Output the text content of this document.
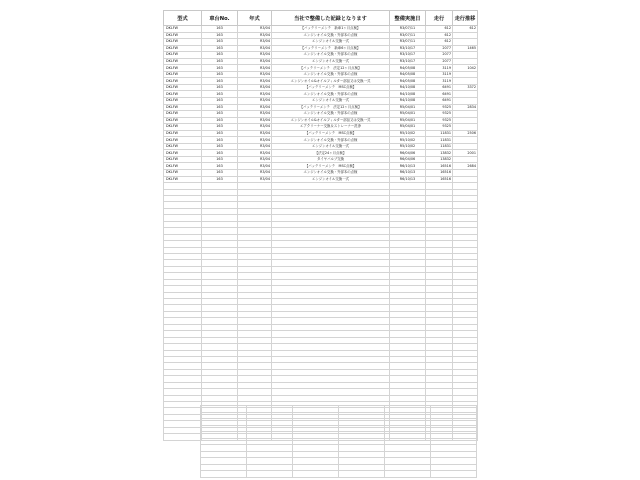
型式	車台No.	年式	当社で整備した記録となります	整備実施日	走行	走行推移
DKLFW	163	R3/04	【バッテリーメンテ　新車1ヶ月点検】	R3/07/11	612	612
DKLFW	163	R3/04	エンジンオイル交換・外部本の点検	R3/07/11	612	
DKLFW	163	R3/04	エンジンオイル交換一式	R3/07/11	612	
DKLFW	163	R3/04	【バッテリーメンテ　新車6ヶ月点検】	R3/10/17	2077	1465
DKLFW	163	R3/04	エンジンオイル交換・外部本の点検	R3/10/17	2077	
DKLFW	163	R3/04	エンジンオイル交換一式	R3/10/17	2077	
DKLFW	163	R3/04	【バッテリーメンテ　法定12ヶ月点検】	R4/05/08	3119	1042
DKLFW	163	R3/04	エンジンオイル交換・外部本の点検	R4/05/08	3119	
DKLFW	163	R3/04	エンジンオイル&オイルフィルター部品又は交換一式	R4/05/08	3119	
DKLFW	163	R3/04	【バッテリーメンテ　MSC点検】	R4/10/08	6491	3372
DKLFW	163	R3/04	エンジンオイル交換・外部本の点検	R4/10/08	6491	
DKLFW	163	R3/04	エンジンオイル交換一式	R4/10/08	6491	
DKLFW	163	R3/04	【バッテリーメンテ　法定12ヶ月点検】	R5/04/01	9325	2834
DKLFW	163	R3/04	エンジンオイル交換・外部本の点検	R5/04/01	9325	
DKLFW	163	R3/04	エンジンオイル&オイルフィルター部品又は交換一式	R5/04/01	9325	
DKLFW	163	R3/04	エアクリーナー交換＆ストレーナー洗浄	R5/04/01	9325	
DKLFW	163	R3/04	【バッテリーメンテ　MSC点検】	R5/10/02	11831	2506
DKLFW	163	R3/04	エンジンオイル交換・外部本の点検	R5/10/02	11831	
DKLFW	163	R3/04	エンジンオイル交換一式	R5/10/02	11831	
DKLFW	163	R3/04	【法定24ヶ月点検】	R6/04/06	13832	2001
DKLFW	163	R3/04	タイヤバルブ交換	R6/04/06	13832	
DKLFW	163	R3/04	【バッテリーメンテ　MSC点検】	R6/10/13	16516	2684
DKLFW	163	R3/04	エンジンオイル交換・外部本の点検	R6/10/13	16516	
DKLFW	163	R3/04	エンジンオイル交換一式	R6/10/13	16516	
